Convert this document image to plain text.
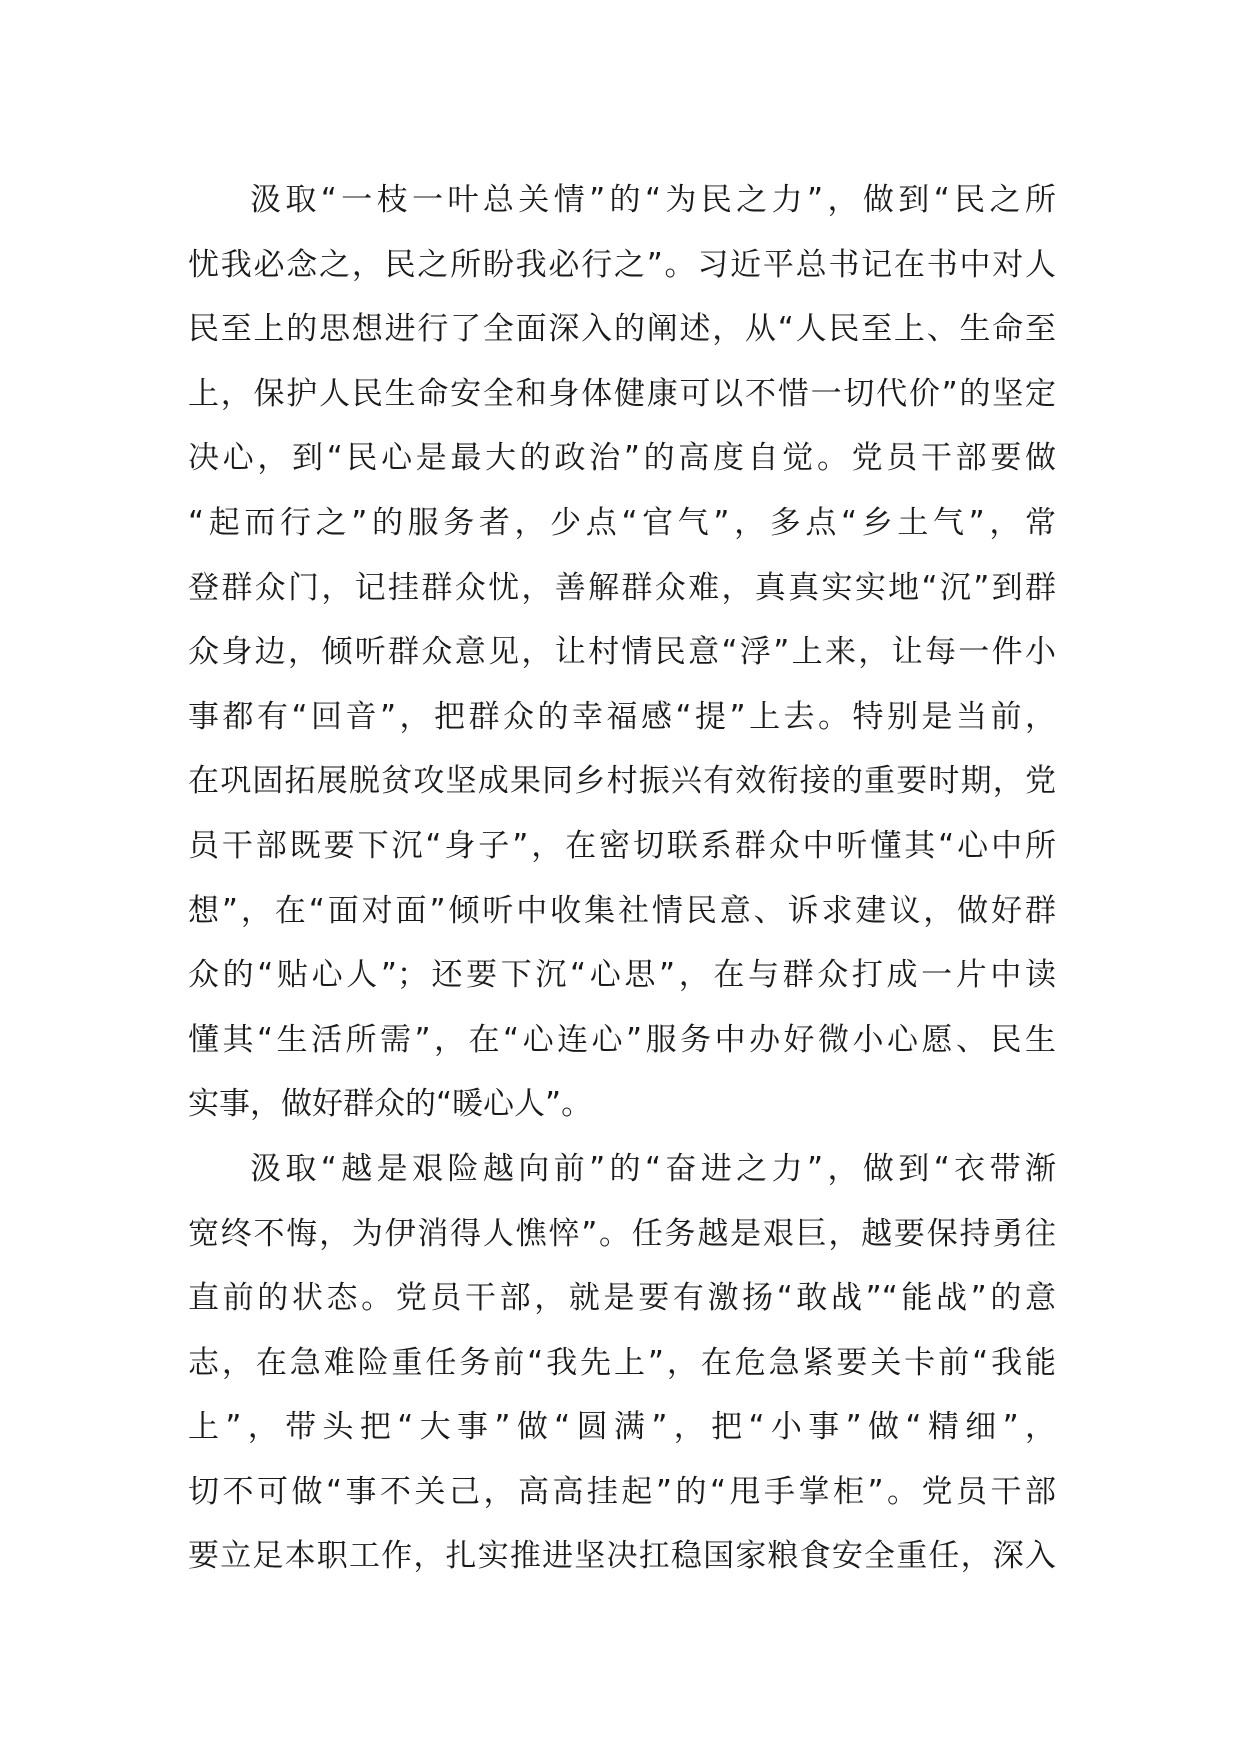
汲取“一枝一叶总关情”的“为民之力”，做到“民之所
忧我必念之，民之所盼我必行之”。习近平总书记在书中对人
民至上的思想进行了全面深入的阐述，从“人民至上、生命至
上，保护人民生命安全和身体健康可以不惜一切代价”的坚定
决心，到“民心是最大的政治”的高度自觉。党员干部要做
“起而行之”的服务者，少点“官气”，多点“乡土气”，常
登群众门，记挂群众忧，善解群众难，真真实实地“沉”到群
众身边，倾听群众意见，让村情民意“浮”上来，让每一件小
事都有“回音”，把群众的幸福感“提”上去。特别是当前，
在巩固拓展脱贫攻坚成果同乡村振兴有效衔接的重要时期，党
员干部既要下沉“身子”，在密切联系群众中听懂其“心中所
想”，在“面对面”倾听中收集社情民意、诉求建议，做好群
众的“贴心人”；还要下沉“心思”，在与群众打成一片中读
懂其“生活所需”，在“心连心”服务中办好微小心愿、民生
实事，做好群众的“暖心人”。
汲取“越是艰险越向前”的“奋进之力”，做到“衣带渐
宽终不悔，为伊消得人憔悴”。任务越是艰巨，越要保持勇往
直前的状态。党员干部，就是要有激扬“敢战”“能战”的意
志，在急难险重任务前“我先上”，在危急紧要关卡前“我能
上”，带头把“大事”做“圆满”，把“小事”做“精细”，
切不可做“事不关己，高高挂起”的“甩手掌柜”。党员干部
要立足本职工作，扎实推进坚决扛稳国家粮食安全重任，深入
